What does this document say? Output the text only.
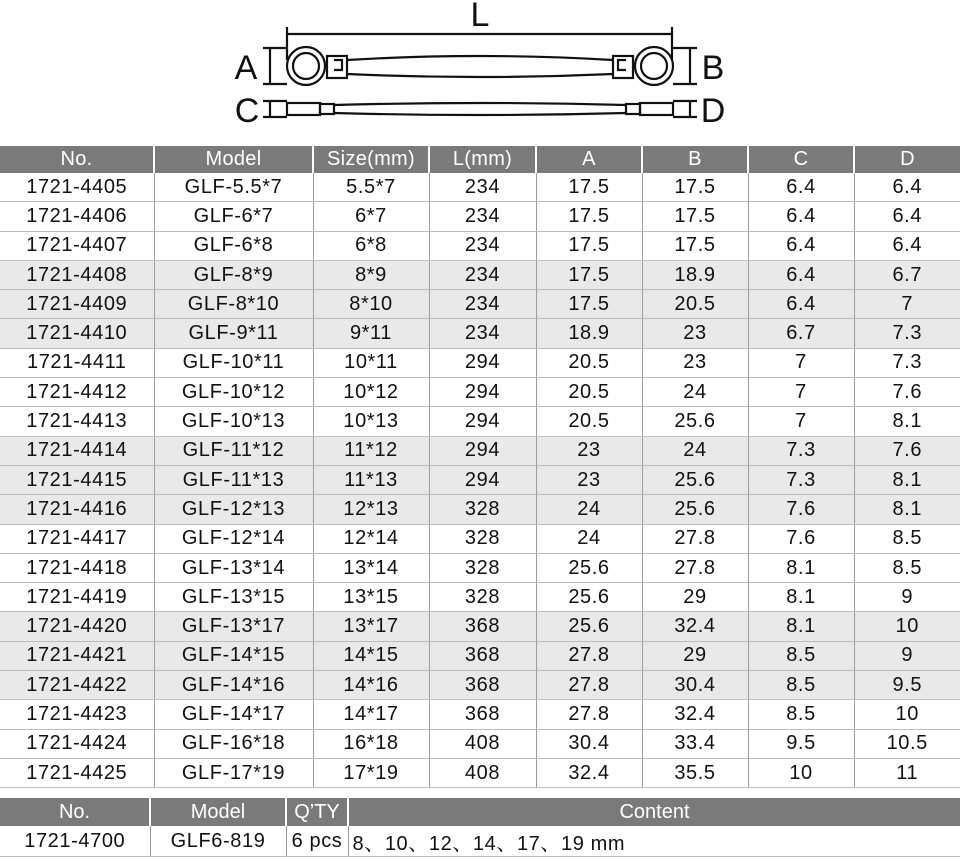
L
A	B
C	D
No.	Model	Size(mm)	L(mm)	A	B	C	D
1721-4405	GLF-5.5*7	5.5*7	234	17.5	17.5	6.4	6.4
1721-4406	GLF-6*7	6*7	234	17.5	17.5	6.4	6.4
1721-4407	GLF-6*8	6*8	234	17.5	17.5	6.4	6.4
1721-4408	GLF-8*9	8*9	234	17.5	18.9	6.4	6.7
1721-4409	GLF-8*10	8*10	234	17.5	20.5	6.4	7
1721-4410	GLF-9*11	9*11	234	18.9	23	6.7	7.3
1721-4411	GLF-10*11	10*11	294	20.5	23	7	7.3
1721-4412	GLF-10*12	10*12	294	20.5	24	7	7.6
1721-4413	GLF-10*13	10*13	294	20.5	25.6	7	8.1
1721-4414	GLF-11*12	11*12	294	23	24	7.3	7.6
1721-4415	GLF-11*13	11*13	294	23	25.6	7.3	8.1
1721-4416	GLF-12*13	12*13	328	24	25.6	7.6	8.1
1721-4417	GLF-12*14	12*14	328	24	27.8	7.6	8.5
1721-4418	GLF-13*14	13*14	328	25.6	27.8	8.1	8.5
1721-4419	GLF-13*15	13*15	328	25.6	29	8.1	9
1721-4420	GLF-13*17	13*17	368	25.6	32.4	8.1	10
1721-4421	GLF-14*15	14*15	368	27.8	29	8.5	9
1721-4422	GLF-14*16	14*16	368	27.8	30.4	8.5	9.5
1721-4423	GLF-14*17	14*17	368	27.8	32.4	8.5	10
1721-4424	GLF-16*18	16*18	408	30.4	33.4	9.5	10.5
1721-4425	GLF-17*19	17*19	408	32.4	35.5	10	11
No.	Model	Q’TY	Content
1721-4700	GLF6-819	6 pcs	8、10、12、14、17、19 mm
